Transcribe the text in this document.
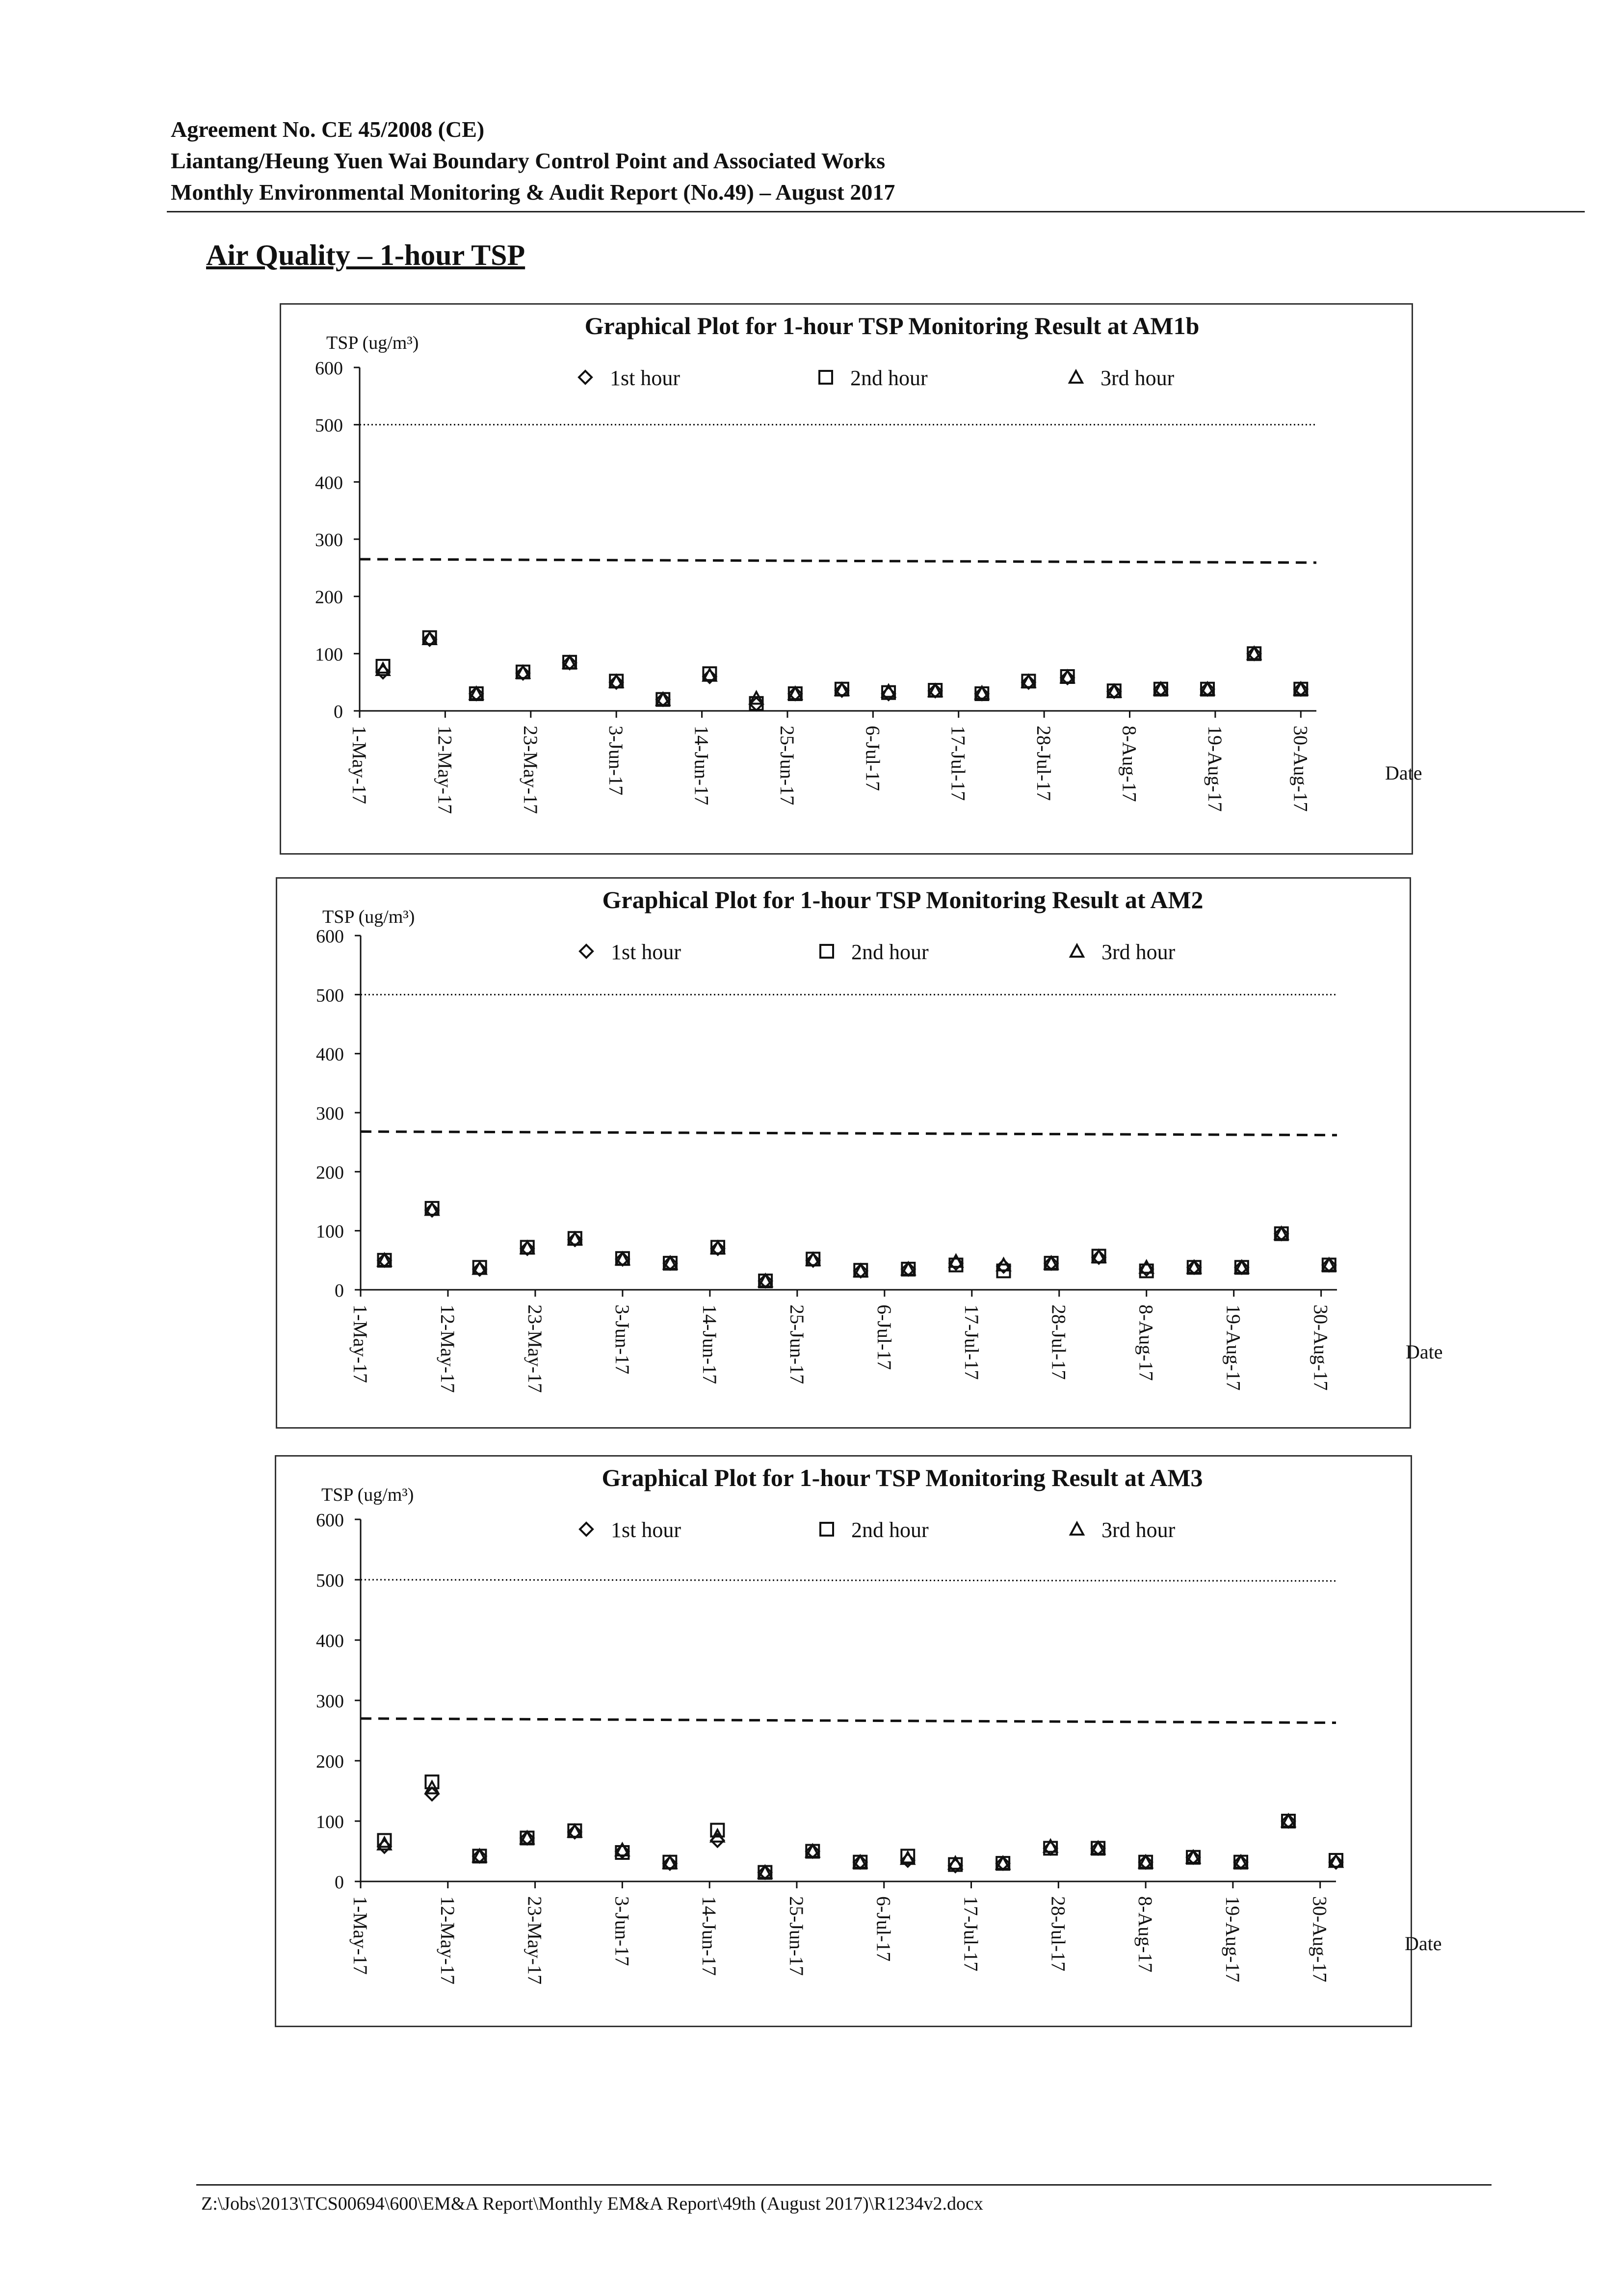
Agreement No. CE 45/2008 (CE)
Liantang/Heung Yuen Wai Boundary Control Point and Associated Works
Monthly Environmental Monitoring & Audit Report (No.49) – August 2017
Air Quality – 1-hour TSP
Graphical Plot for 1-hour TSP Monitoring Result at AM1b
TSP (ug/m³)
1st hour	2nd hour	3rd hour
0
100
200
300
400
500
600
1-May-17	12-May-17	23-May-17	3-Jun-17	14-Jun-17	25-Jun-17	6-Jul-17	17-Jul-17	28-Jul-17	8-Aug-17	19-Aug-17	30-Aug-17	Date
Graphical Plot for 1-hour TSP Monitoring Result at AM2
TSP (ug/m³)
1st hour	2nd hour	3rd hour
0
100
200
300
400
500
600
1-May-17	12-May-17	23-May-17	3-Jun-17	14-Jun-17	25-Jun-17	6-Jul-17	17-Jul-17	28-Jul-17	8-Aug-17	19-Aug-17	30-Aug-17	Date
Graphical Plot for 1-hour TSP Monitoring Result at AM3
TSP (ug/m³)
1st hour	2nd hour	3rd hour
0
100
200
300
400
500
600
1-May-17	12-May-17	23-May-17	3-Jun-17	14-Jun-17	25-Jun-17	6-Jul-17	17-Jul-17	28-Jul-17	8-Aug-17	19-Aug-17	30-Aug-17	Date
Z:\Jobs\2013\TCS00694\600\EM&A Report\Monthly EM&A Report\49th (August 2017)\R1234v2.docx
